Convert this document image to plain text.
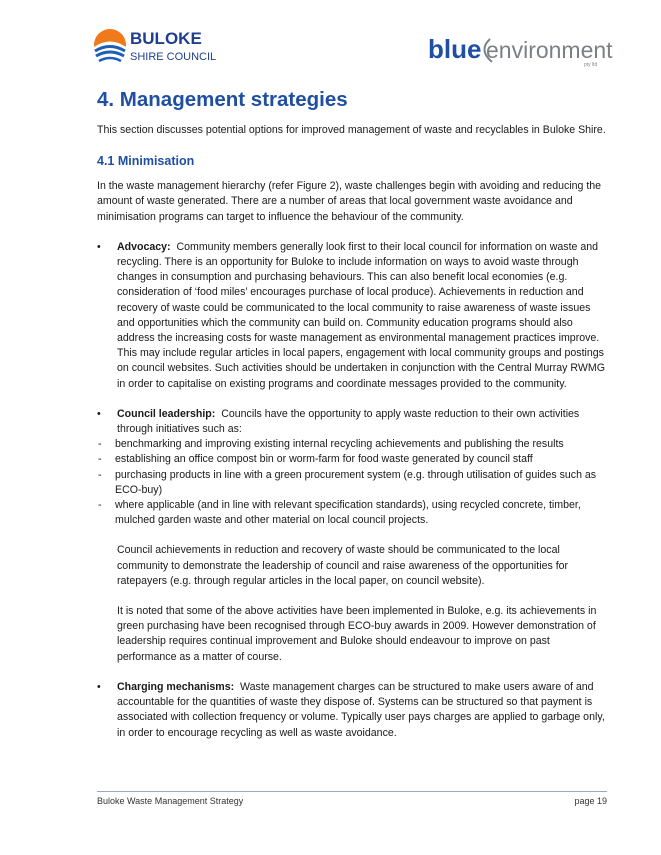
BULOKE
SHIRE COUNCIL	blue environment
pty ltd
4. Management strategies

This section discusses potential options for improved management of waste and recyclables in Buloke Shire.

4.1 Minimisation

In the waste management hierarchy (refer Figure 2), waste challenges begin with avoiding and reducing the amount of waste generated. There are a number of areas that local government waste avoidance and minimisation programs can target to influence the behaviour of the community.

• Advocacy: Community members generally look first to their local council for information on waste and recycling. There is an opportunity for Buloke to include information on ways to avoid waste through changes in consumption and purchasing behaviours. This can also benefit local economies (e.g. consideration of ‘food miles’ encourages purchase of local produce). Achievements in reduction and recovery of waste could be communicated to the local community to raise awareness of waste issues and opportunities which the community can build on. Community education programs should also address the increasing costs for waste management as environmental management practices improve. This may include regular articles in local papers, engagement with local community groups and postings on council websites. Such activities should be undertaken in conjunction with the Central Murray RWMG in order to capitalise on existing programs and coordinate messages provided to the community.
• Council leadership: Councils have the opportunity to apply waste reduction to their own activities through initiatives such as:
- benchmarking and improving existing internal recycling achievements and publishing the results
- establishing an office compost bin or worm-farm for food waste generated by council staff
- purchasing products in line with a green procurement system (e.g. through utilisation of guides such as ECO-buy)
- where applicable (and in line with relevant specification standards), using recycled concrete, timber, mulched garden waste and other material on local council projects.

Council achievements in reduction and recovery of waste should be communicated to the local community to demonstrate the leadership of council and raise awareness of the opportunities for ratepayers (e.g. through regular articles in the local paper, on council website).

It is noted that some of the above activities have been implemented in Buloke, e.g. its achievements in green purchasing have been recognised through ECO-buy awards in 2009. However demonstration of leadership requires continual improvement and Buloke should endeavour to improve on past performance as a matter of course.

• Charging mechanisms: Waste management charges can be structured to make users aware of and accountable for the quantities of waste they dispose of. Systems can be structured so that payment is associated with collection frequency or volume. Typically user pays charges are applied to garbage only, in order to encourage recycling as well as waste avoidance.
Buloke Waste Management Strategy	page 19
